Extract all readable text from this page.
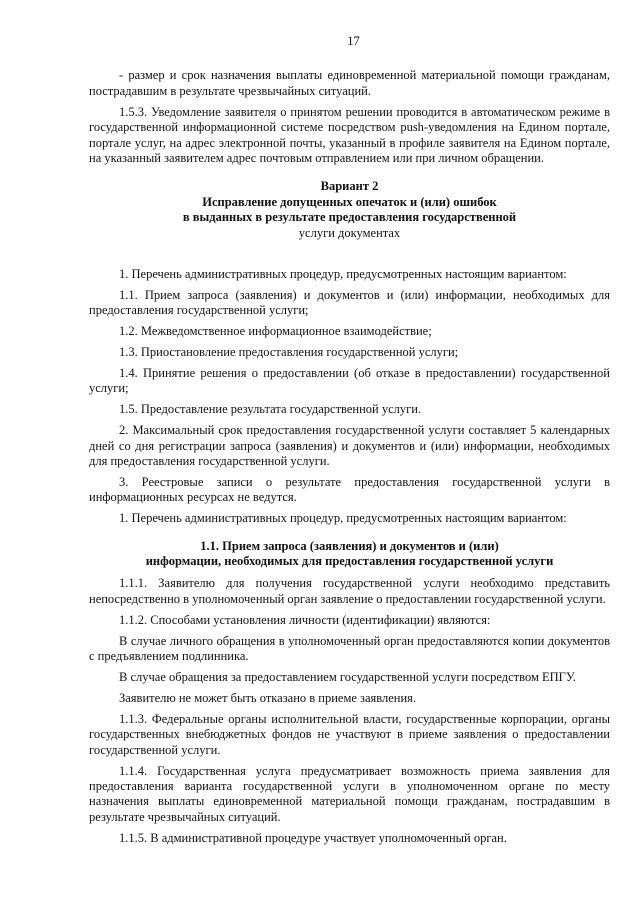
17

- размер и срок назначения выплаты единовременной материальной помощи гражданам, пострадавшим в результате чрезвычайных ситуаций.

1.5.3. Уведомление заявителя о принятом решении проводится в автоматическом режиме в государственной информационной системе посредством push-уведомления на Едином портале, портале услуг, на адрес электронной почты, указанный в профиле заявителя на Едином портале, на указанный заявителем адрес почтовым отправлением или при личном обращении.

Вариант 2
Исправление допущенных опечаток и (или) ошибок
в выданных в результате предоставления государственной
услуги документах

1. Перечень административных процедур, предусмотренных настоящим вариантом:

1.1. Прием запроса (заявления) и документов и (или) информации, необходимых для предоставления государственной услуги;

1.2. Межведомственное информационное взаимодействие;

1.3. Приостановление предоставления государственной услуги;

1.4. Принятие решения о предоставлении (об отказе в предоставлении) государственной услуги;

1.5. Предоставление результата государственной услуги.

2. Максимальный срок предоставления государственной услуги составляет 5 календарных дней со дня регистрации запроса (заявления) и документов и (или) информации, необходимых для предоставления государственной услуги.

3. Реестровые записи о результате предоставления государственной услуги в информационных ресурсах не ведутся.

1. Перечень административных процедур, предусмотренных настоящим вариантом:

1.1. Прием запроса (заявления) и документов и (или)
информации, необходимых для предоставления государственной услуги

1.1.1. Заявителю для получения государственной услуги необходимо представить непосредственно в уполномоченный орган заявление о предоставлении государственной услуги.

1.1.2. Способами установления личности (идентификации) являются:

В случае личного обращения в уполномоченный орган предоставляются копии документов с предъявлением подлинника.

В случае обращения за предоставлением государственной услуги посредством ЕПГУ.

Заявителю не может быть отказано в приеме заявления.

1.1.3. Федеральные органы исполнительной власти, государственные корпорации, органы государственных внебюджетных фондов не участвуют в приеме заявления о предоставлении государственной услуги.

1.1.4. Государственная услуга предусматривает возможность приема заявления для предоставления варианта государственной услуги в уполномоченном органе по месту назначения выплаты единовременной материальной помощи гражданам, пострадавшим в результате чрезвычайных ситуаций.

1.1.5. В административной процедуре участвует уполномоченный орган.
